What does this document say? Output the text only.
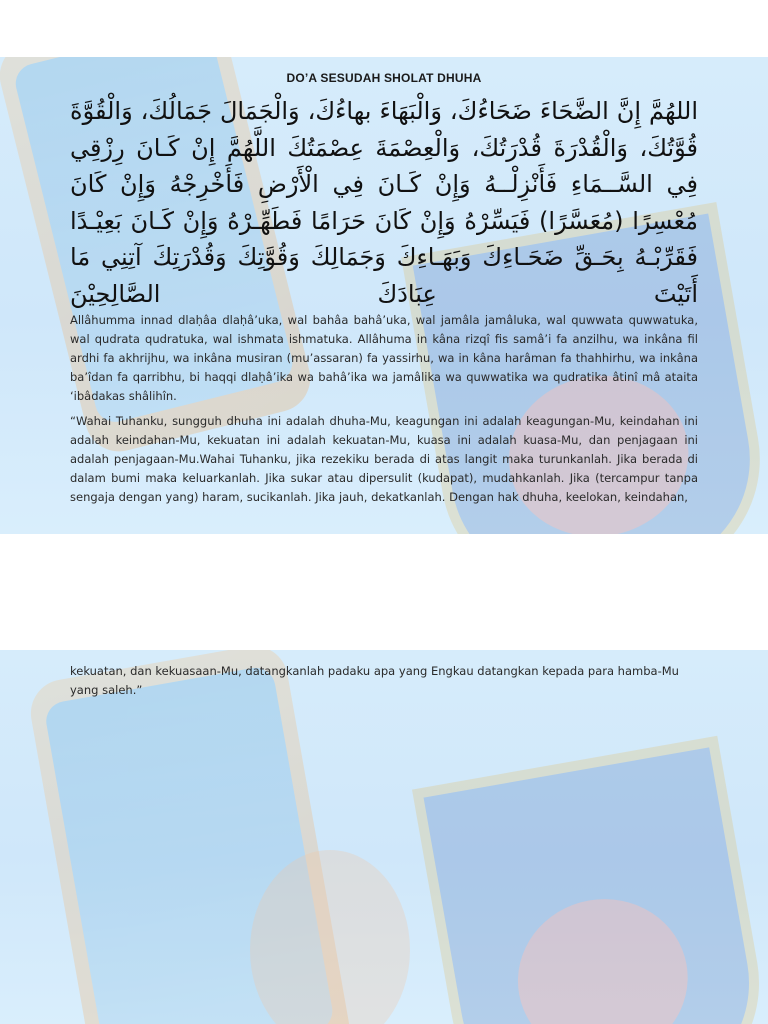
DO’A SESUDAH SHOLAT DHUHA
اللهُمَّ إِنَّ الضَّحَاءَ ضَحَاءُكَ، وَالْبَهَاءَ بهاءُكَ، وَالْجَمَالَ جَمَالُكَ، وَالْقُوَّةَ قُوَّتُكَ، وَالْقُدْرَةَ قُدْرَتُكَ، وَالْعِصْمَةَ عِصْمَتُكَ اللَّهُمَّ إِنْ كَـانَ رِزْقِي فِي السَّــمَاءِ فَأَنْزِلْــهُ وَإِنْ كَـانَ فِي الْأَرْضِ فَأَخْرِجْهُ وَإِنْ كَانَ مُعْسِرًا (مُعَسَّرًا) فَيَسِّرْهُ وَإِنْ كَانَ حَرَامًا فَطَهِّـرْهُ وَإِنْ كَـانَ بَعِيْـدًا فَقَرِّبْـهُ بِحَـقِّ ضَحَـاءِكَ وَبَهَـاءِكَ وَجَمَالِكَ وَقُوَّتِكَ وَقُدْرَتِكَ آتِنِي مَا أَتَيْتَ عِبَادَكَ الصَّالِحِيْنَ
Allâhumma innad dlaḥâa dlaḥâ’uka, wal bahâa bahâ’uka, wal jamâla jamâluka, wal quwwata quwwatuka, wal qudrata qudratuka, wal ishmata ishmatuka. Allâhuma in kâna rizqî fis samâ’i fa anzilhu, wa inkâna fil ardhi fa akhrijhu, wa inkâna musiran (mu’assaran) fa yassirhu, wa in kâna harâman fa thahhirhu, wa inkâna ba’îdan fa qarribhu, bi haqqi dlaḥâ’ika wa bahâ’ika wa jamâlika wa quwwatika wa qudratika âtinî mâ ataita ‘ibâdakas shâlihîn.
“Wahai Tuhanku, sungguh dhuha ini adalah dhuha-Mu, keagungan ini adalah keagungan-Mu, keindahan ini adalah keindahan-Mu, kekuatan ini adalah kekuatan-Mu, kuasa ini adalah kuasa-Mu, dan penjagaan ini adalah penjagaan-Mu.Wahai Tuhanku, jika rezekiku berada di atas langit maka turunkanlah. Jika berada di dalam bumi maka keluarkanlah. Jika sukar atau dipersulit (kudapat), mudahkanlah. Jika (tercampur tanpa sengaja dengan yang) haram, sucikanlah. Jika jauh, dekatkanlah. Dengan hak dhuha, keelokan, keindahan,
kekuatan, dan kekuasaan-Mu, datangkanlah padaku apa yang Engkau datangkan kepada para hamba-Mu yang saleh.”
